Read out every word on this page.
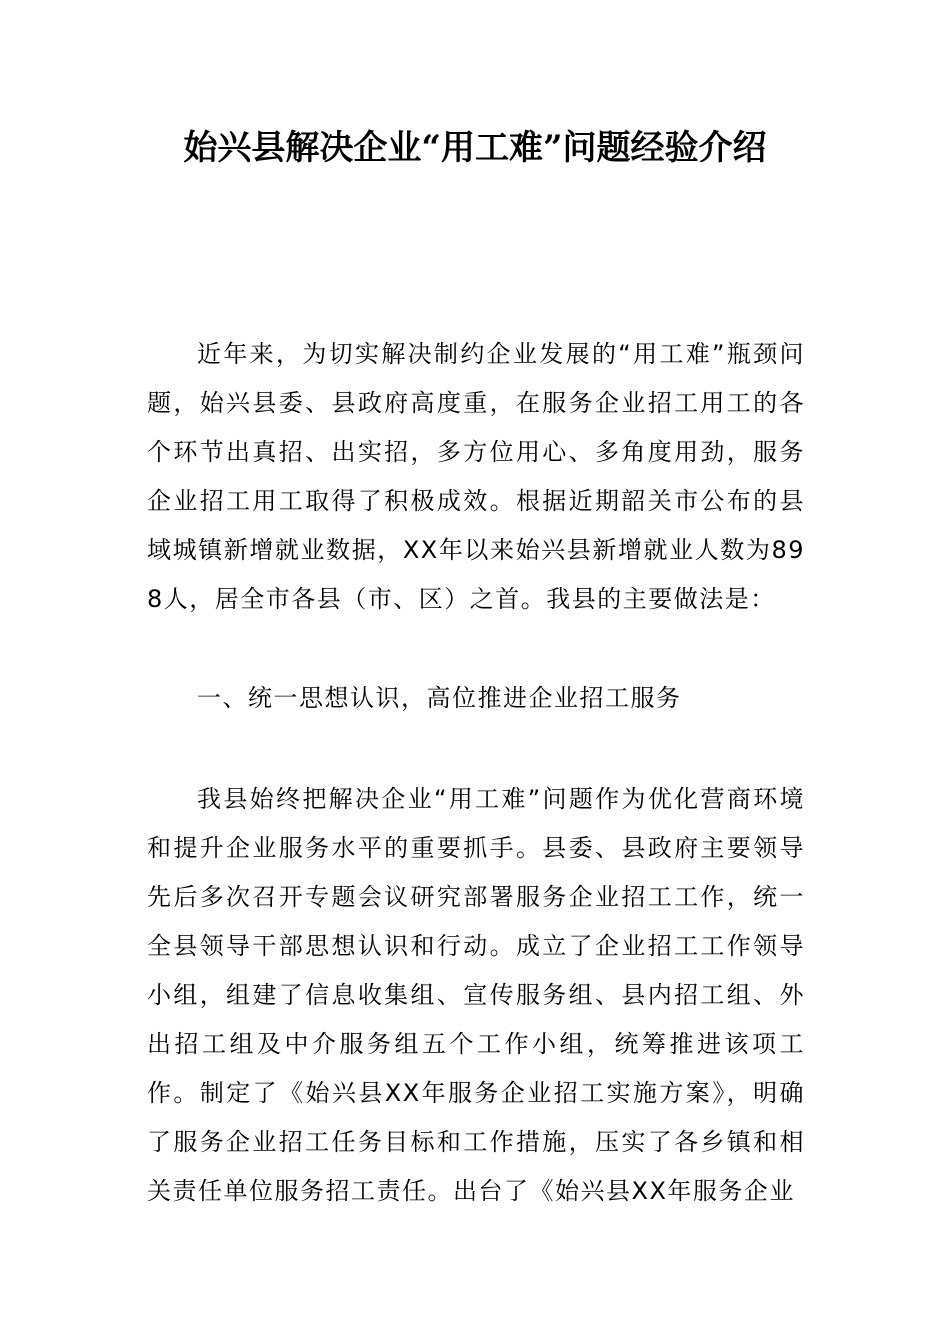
始兴县解决企业“用工难”问题经验介绍

近年来，为切实解决制约企业发展的“用工难”瓶颈问题，始兴县委、县政府高度重，在服务企业招工用工的各个环节出真招、出实招，多方位用心、多角度用劲，服务企业招工用工取得了积极成效。根据近期韶关市公布的县域城镇新增就业数据，XX年以来始兴县新增就业人数为898人，居全市各县（市、区）之首。我县的主要做法是：

一、统一思想认识，高位推进企业招工服务

我县始终把解决企业“用工难”问题作为优化营商环境和提升企业服务水平的重要抓手。县委、县政府主要领导先后多次召开专题会议研究部署服务企业招工工作，统一全县领导干部思想认识和行动。成立了企业招工工作领导小组，组建了信息收集组、宣传服务组、县内招工组、外出招工组及中介服务组五个工作小组，统筹推进该项工作。制定了《始兴县XX年服务企业招工实施方案》，明确了服务企业招工任务目标和工作措施，压实了各乡镇和相关责任单位服务招工责任。出台了《始兴县XX年服务企业
